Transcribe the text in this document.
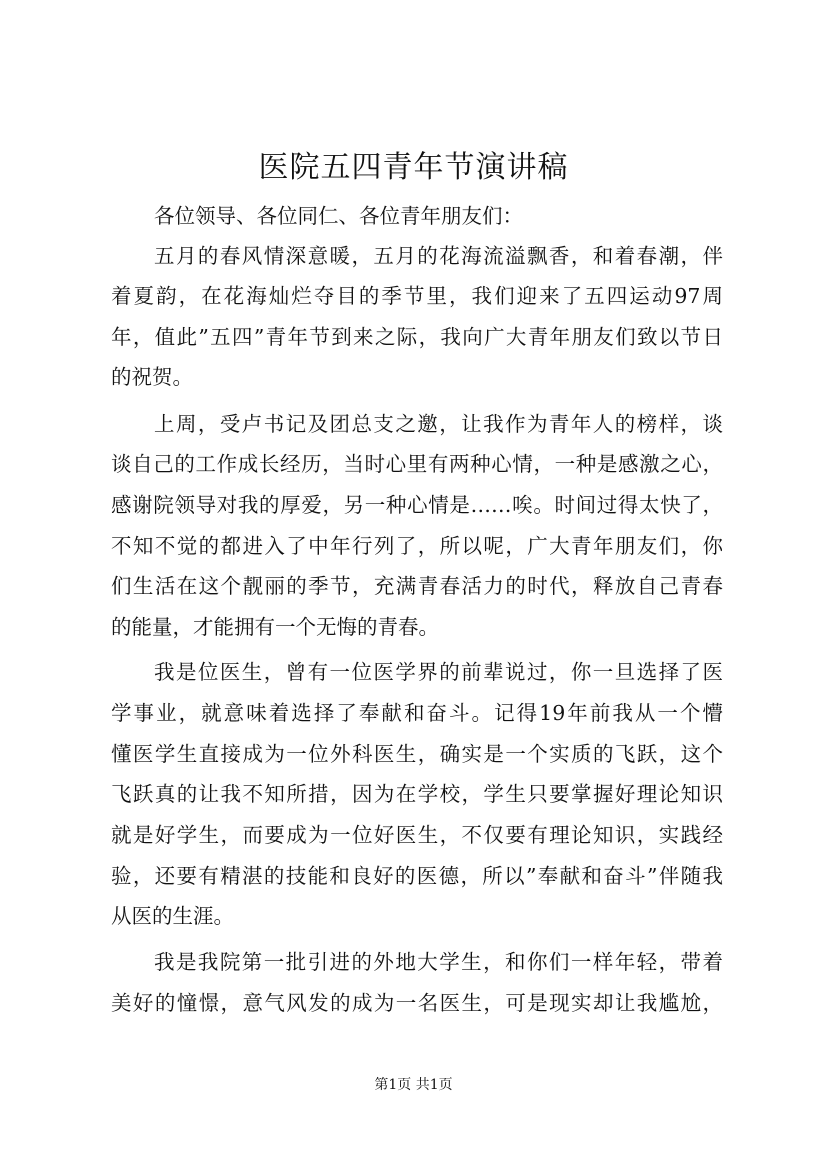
医院五四青年节演讲稿

各位领导、各位同仁、各位青年朋友们：

五月的春风情深意暖，五月的花海流溢飘香，和着春潮，伴

着夏韵，在花海灿烂夺目的季节里，我们迎来了五四运动97周

年，值此”五四”青年节到来之际，我向广大青年朋友们致以节日

的祝贺。

上周，受卢书记及团总支之邀，让我作为青年人的榜样，谈

谈自己的工作成长经历，当时心里有两种心情，一种是感激之心，

感谢院领导对我的厚爱，另一种心情是……唉。时间过得太快了，

不知不觉的都进入了中年行列了，所以呢，广大青年朋友们，你

们生活在这个靓丽的季节，充满青春活力的时代，释放自己青春

的能量，才能拥有一个无悔的青春。

我是位医生，曾有一位医学界的前辈说过，你一旦选择了医

学事业，就意味着选择了奉献和奋斗。记得19年前我从一个懵

懂医学生直接成为一位外科医生，确实是一个实质的飞跃，这个

飞跃真的让我不知所措，因为在学校，学生只要掌握好理论知识

就是好学生，而要成为一位好医生，不仅要有理论知识，实践经

验，还要有精湛的技能和良好的医德，所以”奉献和奋斗”伴随我

从医的生涯。

我是我院第一批引进的外地大学生，和你们一样年轻，带着

美好的憧憬，意气风发的成为一名医生，可是现实却让我尴尬，

第1页 共1页
